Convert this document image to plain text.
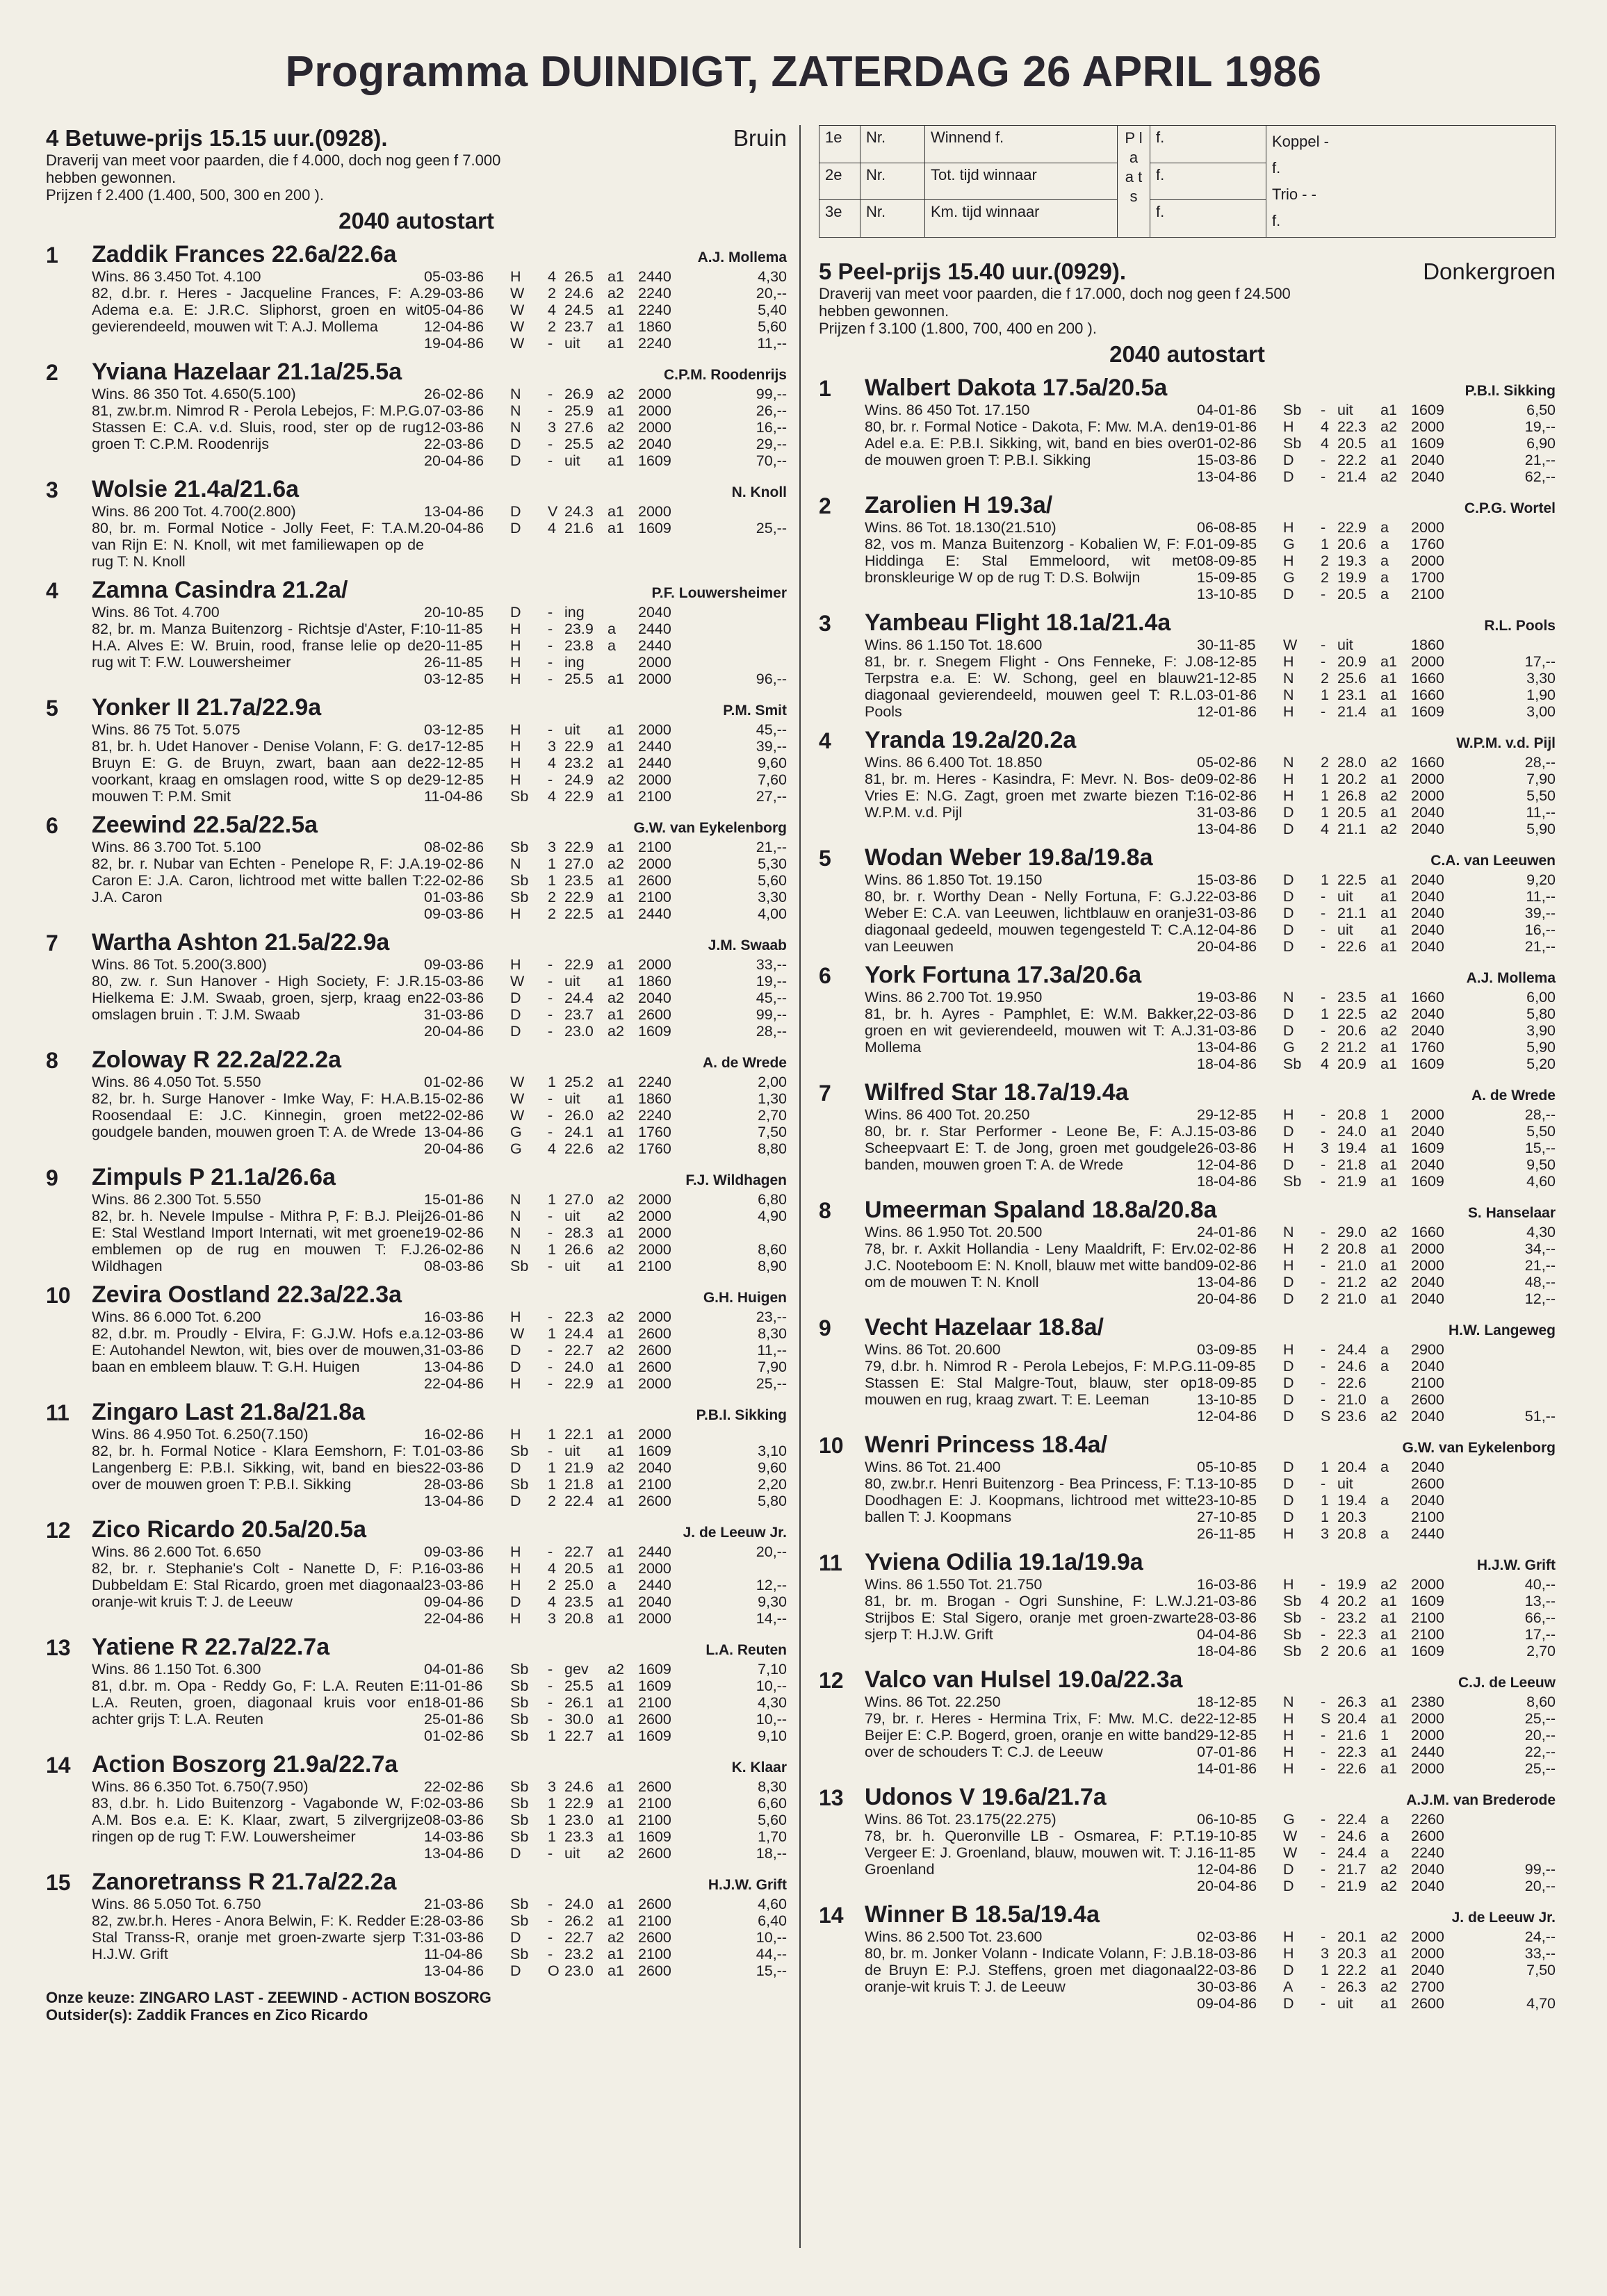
Programma DUINDIGT, ZATERDAG 26 APRIL 1986
4 Betuwe-prijs 15.15 uur.(0928).	Bruin
Draverij van meet voor paarden, die f 4.000, doch nog geen f 7.000
hebben gewonnen.
Prijzen f 2.400 (1.400, 500, 300 en 200 ).
2040 autostart
1	Zaddik Frances 22.6a/22.6a	A.J. Mollema
Wins. 86 3.450 Tot. 4.100
82, d.br. r. Heres - Jacqueline Frances, F: A. Adema e.a. E: J.R.C. Sliphorst, groen en wit gevierendeeld, mouwen wit T: A.J. Mollema
05-03-86	H	4 26.5 a1 2440	4,30
29-03-86	W	2 24.6 a2 2240	20,--
05-04-86	W	4 24.5 a1 2240	5,40
12-04-86	W	2 23.7 a1 1860	5,60
19-04-86	W	- uit	a1 2240	11,--
2	Yviana Hazelaar 21.1a/25.5a	C.P.M. Roodenrijs
Wins. 86 350 Tot. 4.650(5.100)
81, zw.br.m. Nimrod R - Perola Lebejos, F: M.P.G. Stassen E: C.A. v.d. Sluis, rood, ster op de rug groen T: C.P.M. Roodenrijs
26-02-86	N	- 26.9 a2 2000	99,--
07-03-86	N	- 25.9 a1 2000	26,--
12-03-86	N	3 27.6 a2 2000	16,--
22-03-86	D	- 25.5 a2 2040	29,--
20-04-86	D	- uit	a1 1609	70,--
3	Wolsie 21.4a/21.6a	N. Knoll
Wins. 86 200 Tot. 4.700(2.800)
80, br. m. Formal Notice - Jolly Feet, F: T.A.M. van Rijn E: N. Knoll, wit met familiewapen op de rug T: N. Knoll
13-04-86	D	V 24.3 a1 2000
20-04-86	D	4 21.6 a1 1609	25,--
4	Zamna Casindra 21.2a/	P.F. Louwersheimer
Wins. 86 Tot. 4.700
82, br. m. Manza Buitenzorg - Richtsje d'Aster, F: H.A. Alves E: W. Bruin, rood, franse lelie op de rug wit T: F.W. Louwersheimer
20-10-85	D	- ing	2040
10-11-85	H	- 23.9 a	2440
20-11-85	H	- 23.8 a	2440
26-11-85	H	- ing	2000
03-12-85	H	- 25.5 a1 2000	96,--
5	Yonker II 21.7a/22.9a	P.M. Smit
Wins. 86 75 Tot. 5.075
81, br. h. Udet Hanover - Denise Volann, F: G. de Bruyn E: G. de Bruyn, zwart, baan aan de voorkant, kraag en omslagen rood, witte S op de mouwen T: P.M. Smit
03-12-85	H	- uit	a1 2000	45,--
17-12-85	H	3 22.9 a1 2440	39,--
22-12-85	H	4 23.2 a1 2440	9,60
29-12-85	H	- 24.9 a2 2000	7,60
11-04-86	Sb	4 22.9 a1 2100	27,--
6	Zeewind 22.5a/22.5a	G.W. van Eykelenborg
Wins. 86 3.700 Tot. 5.100
82, br. r. Nubar van Echten - Penelope R, F: J.A. Caron E: J.A. Caron, lichtrood met witte ballen T: J.A. Caron
08-02-86	Sb	3 22.9 a1 2100	21,--
19-02-86	N	1 27.0 a2 2000	5,30
22-02-86	Sb	1 23.5 a1 2600	5,60
01-03-86	Sb	2 22.9 a1 2100	3,30
09-03-86	H	2 22.5 a1 2440	4,00
7	Wartha Ashton 21.5a/22.9a	J.M. Swaab
Wins. 86 Tot. 5.200(3.800)
80, zw. r. Sun Hanover - High Society, F: J.R. Hielkema E: J.M. Swaab, groen, sjerp, kraag en omslagen bruin . T: J.M. Swaab
09-03-86	H	- 22.9 a1 2000	33,--
15-03-86	W	- uit	a1 1860	19,--
22-03-86	D	- 24.4 a2 2040	45,--
31-03-86	D	- 23.7 a1 2600	99,--
20-04-86	D	- 23.0 a2 1609	28,--
8	Zoloway R 22.2a/22.2a	A. de Wrede
Wins. 86 4.050 Tot. 5.550
82, br. h. Surge Hanover - Imke Way, F: H.A.B. Roosendaal E: J.C. Kinnegin, groen met goudgele banden, mouwen groen T: A. de Wrede
01-02-86	W	1 25.2 a1 2240	2,00
15-02-86	W	- uit	a1 1860	1,30
22-02-86	W	- 26.0 a2 2240	2,70
13-04-86	G	- 24.1 a1 1760	7,50
20-04-86	G	4 22.6 a2 1760	8,80
9	Zimpuls P 21.1a/26.6a	F.J. Wildhagen
Wins. 86 2.300 Tot. 5.550
82, br. h. Nevele Impulse - Mithra P, F: B.J. Pleij E: Stal Westland Import Internati, wit met groene emblemen op de rug en mouwen T: F.J. Wildhagen
15-01-86	N	1 27.0 a2 2000	6,80
26-01-86	N	- uit	a2 2000	4,90
19-02-86	N	- 28.3 a1 2000
26-02-86	N	1 26.6 a2 2000	8,60
08-03-86	Sb	- uit	a1 2100	8,90
10 Zevira Oostland 22.3a/22.3a	G.H. Huigen
Wins. 86 6.000 Tot. 6.200
82, d.br. m. Proudly - Elvira, F: G.J.W. Hofs e.a. E: Autohandel Newton, wit, bies over de mouwen, baan en embleem blauw. T: G.H. Huigen
16-03-86	H	- 22.3 a2 2000	23,--
12-03-86	W	1 24.4 a1 2600	8,30
31-03-86	D	- 22.7 a2 2600	11,--
13-04-86	D	- 24.0 a1 2600	7,90
22-04-86	H	- 22.9 a1 2000	25,--
11 Zingaro Last 21.8a/21.8a	P.B.I. Sikking
Wins. 86 4.950 Tot. 6.250(7.150)
82, br. h. Formal Notice - Klara Eemshorn, F: T. Langenberg E: P.B.I. Sikking, wit, band en bies over de mouwen groen T: P.B.I. Sikking
16-02-86	H	1 22.1 a1 2000
01-03-86	Sb	- uit	a1 1609	3,10
22-03-86	D	1 21.9 a2 2040	9,60
28-03-86	Sb	1 21.8 a1 2100	2,20
13-04-86	D	2 22.4 a1 2600	5,80
12 Zico Ricardo 20.5a/20.5a	J. de Leeuw Jr.
Wins. 86 2.600 Tot. 6.650
82, br. r. Stephanie's Colt - Nanette D, F: P. Dubbeldam E: Stal Ricardo, groen met diagonaal oranje-wit kruis T: J. de Leeuw
09-03-86	H	- 22.7 a1 2440	20,--
16-03-86	H	4 20.5 a1 2000
23-03-86	H	2 25.0 a	2440	12,--
09-04-86	D	4 23.5 a1 2040	9,30
22-04-86	H	3 20.8 a1 2000	14,--
13 Yatiene R 22.7a/22.7a	L.A. Reuten
Wins. 86 1.150 Tot. 6.300
81, d.br. m. Opa - Reddy Go, F: L.A. Reuten E: L.A. Reuten, groen, diagonaal kruis voor en achter grijs T: L.A. Reuten
04-01-86	Sb	- gev	a2 1609	7,10
11-01-86	Sb	- 25.5 a1 1609	10,--
18-01-86	Sb	- 26.1 a1 2100	4,30
25-01-86	Sb	- 30.0 a1 2600	10,--
01-02-86	Sb	1 22.7 a1 1609	9,10
14 Action Boszorg 21.9a/22.7a	K. Klaar
Wins. 86 6.350 Tot. 6.750(7.950)
83, d.br. h. Lido Buitenzorg - Vagabonde W, F: A.M. Bos e.a. E: K. Klaar, zwart, 5 zilvergrijze ringen op de rug T: F.W. Louwersheimer
22-02-86	Sb	3 24.6 a1 2600	8,30
02-03-86	Sb	1 22.9 a1 2100	6,60
08-03-86	Sb	1 23.0 a1 2100	5,60
14-03-86	Sb	1 23.3 a1 1609	1,70
13-04-86	D	- uit	a2 2600	18,--
15 Zanoretranss R 21.7a/22.2a	H.J.W. Grift
Wins. 86 5.050 Tot. 6.750
82, zw.br.h. Heres - Anora Belwin, F: K. Redder E: Stal Transs-R, oranje met groen-zwarte sjerp T: H.J.W. Grift
21-03-86	Sb	- 24.0 a1 2600	4,60
28-03-86	Sb	- 26.2 a1 2100	6,40
31-03-86	D	- 22.7 a2 2600	10,--
11-04-86	Sb	- 23.2 a1 2100	44,--
13-04-86	D	O 23.0 a1 2600	15,--
Onze keuze: ZINGARO LAST - ZEEWIND - ACTION BOSZORG
Outsider(s): Zaddik Frances en Zico Ricardo
1e	Nr.	Winnend f.	P l a a t s	f.	Koppel -
f.
Trio - -
f.

2e	Nr.	Tot. tijd winnaar		f.	
3e	Nr.	Km. tijd winnaar		f.	
5 Peel-prijs 15.40 uur.(0929).	Donkergroen
Draverij van meet voor paarden, die f 17.000, doch nog geen f 24.500
hebben gewonnen.
Prijzen f 3.100 (1.800, 700, 400 en 200 ).
2040 autostart
1	Walbert Dakota 17.5a/20.5a	P.B.I. Sikking
Wins. 86 450 Tot. 17.150
80, br. r. Formal Notice - Dakota, F: Mw. M.A. den Adel e.a. E: P.B.I. Sikking, wit, band en bies over de mouwen groen T: P.B.I. Sikking
04-01-86	Sb	- uit	a1 1609	6,50
19-01-86	H	4 22.3 a2 2000	19,--
01-02-86	Sb	4 20.5 a1 1609	6,90
15-03-86	D	- 22.2 a1 2040	21,--
13-04-86	D	- 21.4 a2 2040	62,--
2	Zarolien H 19.3a/	C.P.G. Wortel
Wins. 86 Tot. 18.130(21.510)
82, vos m. Manza Buitenzorg - Kobalien W, F: F. Hiddinga E: Stal Emmeloord, wit met bronskleurige W op de rug T: D.S. Bolwijn
06-08-85	H	- 22.9 a	2000
01-09-85	G	1 20.6 a	1760
08-09-85	H	2 19.3 a	2000
15-09-85	G	2 19.9 a	1700
13-10-85	D	- 20.5 a	2100
3	Yambeau Flight 18.1a/21.4a	R.L. Pools
Wins. 86 1.150 Tot. 18.600
81, br. r. Snegem Flight - Ons Fenneke, F: J. Terpstra e.a. E: W. Schong, geel en blauw diagonaal gevierendeeld, mouwen geel T: R.L. Pools
30-11-85	W	- uit	1860
08-12-85	H	- 20.9 a1 2000	17,--
21-12-85	N	2 25.6 a1 1660	3,30
03-01-86	N	1 23.1 a1 1660	1,90
12-01-86	H	- 21.4 a1 1609	3,00
4	Yranda 19.2a/20.2a	W.P.M. v.d. Pijl
Wins. 86 6.400 Tot. 18.850
81, br. m. Heres - Kasindra, F: Mevr. N. Bos- de Vries E: N.G. Zagt, groen met zwarte biezen T: W.P.M. v.d. Pijl
05-02-86	N	2 28.0 a2 1660	28,--
09-02-86	H	1 20.2 a1 2000	7,90
16-02-86	H	1 26.8 a2 2000	5,50
31-03-86	D	1 20.5 a1 2040	11,--
13-04-86	D	4 21.1 a2 2040	5,90
5	Wodan Weber 19.8a/19.8a	C.A. van Leeuwen
Wins. 86 1.850 Tot. 19.150
80, br. r. Worthy Dean - Nelly Fortuna, F: G.J. Weber E: C.A. van Leeuwen, lichtblauw en oranje diagonaal gedeeld, mouwen tegengesteld T: C.A. van Leeuwen
15-03-86	D	1 22.5 a1 2040	9,20
22-03-86	D	- uit	a1 2040	11,--
31-03-86	D	- 21.1 a1 2040	39,--
12-04-86	D	- uit	a1 2040	16,--
20-04-86	D	- 22.6 a1 2040	21,--
6	York Fortuna 17.3a/20.6a	A.J. Mollema
Wins. 86 2.700 Tot. 19.950
81, br. h. Ayres - Pamphlet, E: W.M. Bakker, groen en wit gevierendeeld, mouwen wit T: A.J. Mollema
19-03-86	N	- 23.5 a1 1660	6,00
22-03-86	D	1 22.5 a2 2040	5,80
31-03-86	D	- 20.6 a2 2040	3,90
13-04-86	G	2 21.2 a1 1760	5,90
18-04-86	Sb	4 20.9 a1 1609	5,20
7	Wilfred Star 18.7a/19.4a	A. de Wrede
Wins. 86 400 Tot. 20.250
80, br. r. Star Performer - Leone Be, F: A.J. Scheepvaart E: T. de Jong, groen met goudgele banden, mouwen groen T: A. de Wrede
29-12-85	H	- 20.8 1	2000	28,--
15-03-86	D	- 24.0 a1 2040	5,50
26-03-86	H	3 19.4 a1 1609	15,--
12-04-86	D	- 21.8 a1 2040	9,50
18-04-86	Sb	- 21.9 a1 1609	4,60
8	Umeerman Spaland 18.8a/20.8a	S. Hanselaar
Wins. 86 1.950 Tot. 20.500
78, br. r. Axkit Hollandia - Leny Maaldrift, F: Erv. J.C. Nooteboom E: N. Knoll, blauw met witte band om de mouwen T: N. Knoll
24-01-86	N	- 29.0 a2 1660	4,30
02-02-86	H	2 20.8 a1 2000	34,--
09-02-86	H	- 21.0 a1 2000	21,--
13-04-86	D	- 21.2 a2 2040	48,--
20-04-86	D	2 21.0 a1 2040	12,--
9	Vecht Hazelaar 18.8a/	H.W. Langeweg
Wins. 86 Tot. 20.600
79, d.br. h. Nimrod R - Perola Lebejos, F: M.P.G. Stassen E: Stal Malgre-Tout, blauw, ster op mouwen en rug, kraag zwart. T: E. Leeman
03-09-85	H	- 24.4 a	2900
11-09-85	D	- 24.6 a	2040
18-09-85	D	- 22.6	2100
13-10-85	D	- 21.0 a	2600
12-04-86	D	S 23.6 a2 2040	51,--
10 Wenri Princess 18.4a/	G.W. van Eykelenborg
Wins. 86 Tot. 21.400
80, zw.br.r. Henri Buitenzorg - Bea Princess, F: T. Doodhagen E: J. Koopmans, lichtrood met witte ballen T: J. Koopmans
05-10-85	D	1 20.4 a	2040
13-10-85	D	- uit	2600
23-10-85	D	1 19.4 a	2040
27-10-85	D	1 20.3	2100
26-11-85	H	3 20.8 a	2440
11 Yviena Odilia 19.1a/19.9a	H.J.W. Grift
Wins. 86 1.550 Tot. 21.750
81, br. m. Brogan - Ogri Sunshine, F: L.W.J. Strijbos E: Stal Sigero, oranje met groen-zwarte sjerp T: H.J.W. Grift
16-03-86	H	- 19.9 a2 2000	40,--
21-03-86	Sb	4 20.2 a1 1609	13,--
28-03-86	Sb	- 23.2 a1 2100	66,--
04-04-86	Sb	- 22.3 a1 2100	17,--
18-04-86	Sb	2 20.6 a1 1609	2,70
12 Valco van Hulsel 19.0a/22.3a	C.J. de Leeuw
Wins. 86 Tot. 22.250
79, br. r. Heres - Hermina Trix, F: Mw. M.C. de Beijer E: C.P. Bogerd, groen, oranje en witte band over de schouders T: C.J. de Leeuw
18-12-85	N	- 26.3 a1 2380	8,60
22-12-85	H	S 20.4 a1 2000	25,--
29-12-85	H	- 21.6 1	2000	20,--
07-01-86	H	- 22.3 a1 2440	22,--
14-01-86	H	- 22.6 a1 2000	25,--
13 Udonos V 19.6a/21.7a	A.J.M. van Brederode
Wins. 86 Tot. 23.175(22.275)
78, br. h. Queronville LB - Osmarea, F: P.T. Vergeer E: J. Groenland, blauw, mouwen wit. T: J. Groenland
06-10-85	G	- 22.4 a	2260
19-10-85	W	- 24.6 a	2600
16-11-85	W	- 24.4 a	2240
12-04-86	D	- 21.7 a2 2040	99,--
20-04-86	D	- 21.9 a2 2040	20,--
14 Winner B 18.5a/19.4a	J. de Leeuw Jr.
Wins. 86 2.500 Tot. 23.600
80, br. m. Jonker Volann - Indicate Volann, F: J.B. de Bruyn E: P.J. Steffens, groen met diagonaal oranje-wit kruis T: J. de Leeuw
02-03-86	H	- 20.1 a2 2000	24,--
18-03-86	H	3 20.3 a1 2000	33,--
22-03-86	D	1 22.2 a1 2040	7,50
30-03-86	A	- 26.3 a2 2700
09-04-86	D	- uit	a1 2600	4,70
